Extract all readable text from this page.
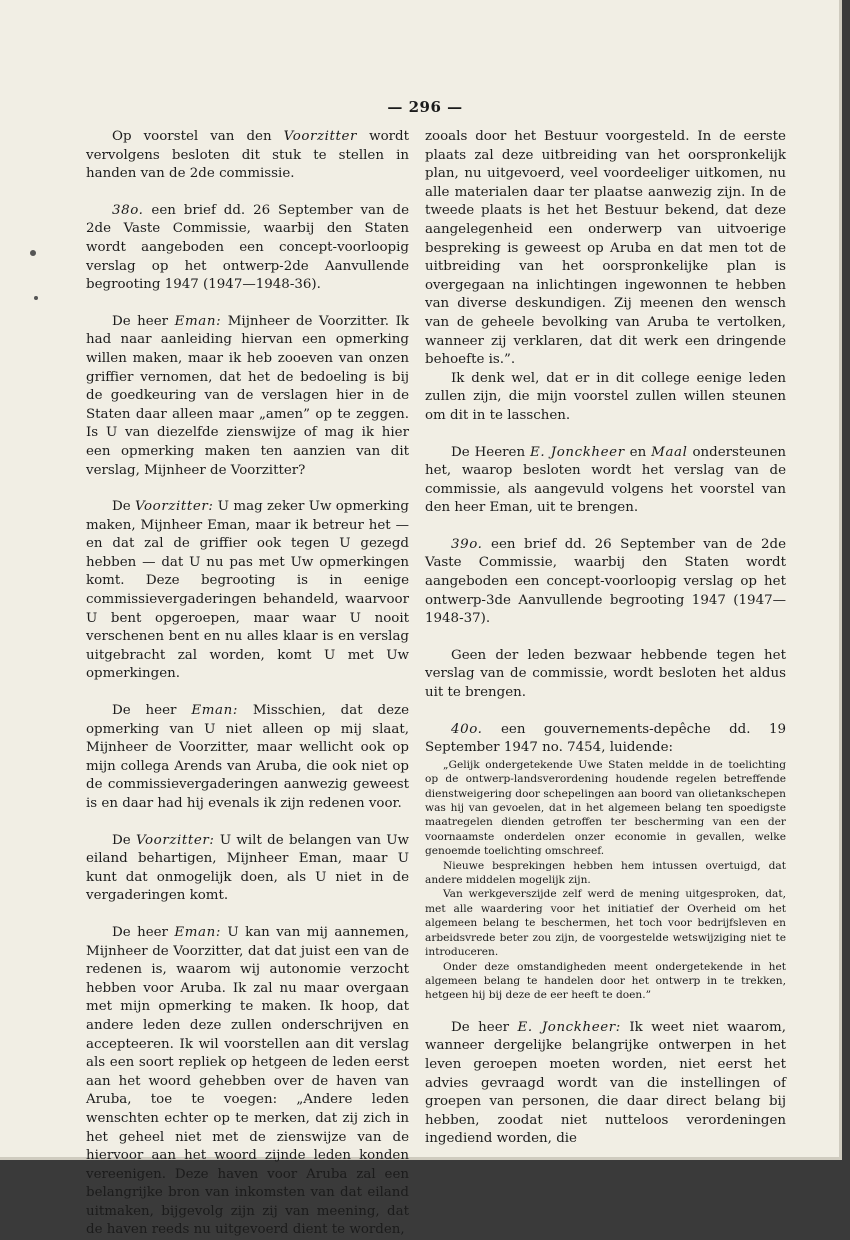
— 296 —

Op voorstel van den Voorzitter wordt vervolgens besloten dit stuk te stellen in handen van de 2de commissie.

38o. een brief dd. 26 September van de 2de Vaste Commissie, waarbij den Staten wordt aangeboden een concept-voorloopig verslag op het ontwerp-2de Aanvullende begrooting 1947 (1947—1948-36).

De heer Eman: Mijnheer de Voorzitter. Ik had naar aanleiding hiervan een opmerking willen maken, maar ik heb zooeven van onzen griffier vernomen, dat het de bedoeling is bij de goedkeuring van de verslagen hier in de Staten daar alleen maar „amen” op te zeggen. Is U van diezelfde zienswijze of mag ik hier een opmerking maken ten aanzien van dit verslag, Mijnheer de Voorzitter?

De Voorzitter: U mag zeker Uw opmerking maken, Mijnheer Eman, maar ik betreur het — en dat zal de griffier ook tegen U gezegd hebben — dat U nu pas met Uw opmerkingen komt. Deze begrooting is in eenige commissievergaderingen behandeld, waarvoor U bent opgeroepen, maar waar U nooit verschenen bent en nu alles klaar is en verslag uitgebracht zal worden, komt U met Uw opmerkingen.

De heer Eman: Misschien, dat deze opmerking van U niet alleen op mij slaat, Mijnheer de Voorzitter, maar wellicht ook op mijn collega Arends van Aruba, die ook niet op de commissievergaderingen aanwezig geweest is en daar had hij evenals ik zijn redenen voor.

De Voorzitter: U wilt de belangen van Uw eiland behartigen, Mijnheer Eman, maar U kunt dat onmogelijk doen, als U niet in de vergaderingen komt.

De heer Eman: U kan van mij aannemen, Mijnheer de Voorzitter, dat dat juist een van de redenen is, waarom wij autonomie verzocht hebben voor Aruba. Ik zal nu maar overgaan met mijn opmerking te maken. Ik hoop, dat andere leden deze zullen onderschrijven en accepteeren. Ik wil voorstellen aan dit verslag als een soort repliek op hetgeen de leden eerst aan het woord gehebben over de haven van Aruba, toe te voegen: „Andere leden wenschten echter op te merken, dat zij zich in het geheel niet met de zienswijze van de hiervoor aan het woord zijnde leden konden vereenigen. Deze haven voor Aruba zal een belangrijke bron van inkomsten van dat eiland uitmaken, bijgevolg zijn zij van meening, dat de haven reeds nu uitgevoerd dient te worden,

zooals door het Bestuur voorgesteld. In de eerste plaats zal deze uitbreiding van het oorspronkelijk plan, nu uitgevoerd, veel voordeeliger uitkomen, nu alle materialen daar ter plaatse aanwezig zijn. In de tweede plaats is het het Bestuur bekend, dat deze aangelegenheid een onderwerp van uitvoerige bespreking is geweest op Aruba en dat men tot de uitbreiding van het oorspronkelijke plan is overgegaan na inlichtingen ingewonnen te hebben van diverse deskundigen. Zij meenen den wensch van de geheele bevolking van Aruba te vertolken, wanneer zij verklaren, dat dit werk een dringende behoefte is.”.

Ik denk wel, dat er in dit college eenige leden zullen zijn, die mijn voorstel zullen willen steunen om dit in te lasschen.

De Heeren E. Jonckheer en Maal ondersteunen het, waarop besloten wordt het verslag van de commissie, als aangevuld volgens het voorstel van den heer Eman, uit te brengen.

39o. een brief dd. 26 September van de 2de Vaste Commissie, waarbij den Staten wordt aangeboden een concept-voorloopig verslag op het ontwerp-3de Aanvullende begrooting 1947 (1947—1948-37).

Geen der leden bezwaar hebbende tegen het verslag van de commissie, wordt besloten het aldus uit te brengen.

40o. een gouvernements-depêche dd. 19 September 1947 no. 7454, luidende:

„Gelijk ondergetekende Uwe Staten meldde in de toelichting op de ontwerp-landsverordening houdende regelen betreffende dienstweigering door schepelingen aan boord van olietankschepen was hij van gevoelen, dat in het algemeen belang ten spoedigste maatregelen dienden getroffen ter bescherming van een der voornaamste onderdelen onzer economie in gevallen, welke genoemde toelichting omschreef.

Nieuwe besprekingen hebben hem intussen overtuigd, dat andere middelen mogelijk zijn.

Van werkgeverszijde zelf werd de mening uitgesproken, dat, met alle waardering voor het initiatief der Overheid om het algemeen belang te beschermen, het toch voor bedrijfsleven en arbeidsvrede beter zou zijn, de voorgestelde wetswijziging niet te introduceren.

Onder deze omstandigheden meent ondergetekende in het algemeen belang te handelen door het ontwerp in te trekken, hetgeen hij bij deze de eer heeft te doen.”

De heer E. Jonckheer: Ik weet niet waarom, wanneer dergelijke belangrijke ontwerpen in het leven geroepen moeten worden, niet eerst het advies gevraagd wordt van die instellingen of groepen van personen, die daar direct belang bij hebben, zoodat niet nutteloos verordeningen ingediend worden, die
